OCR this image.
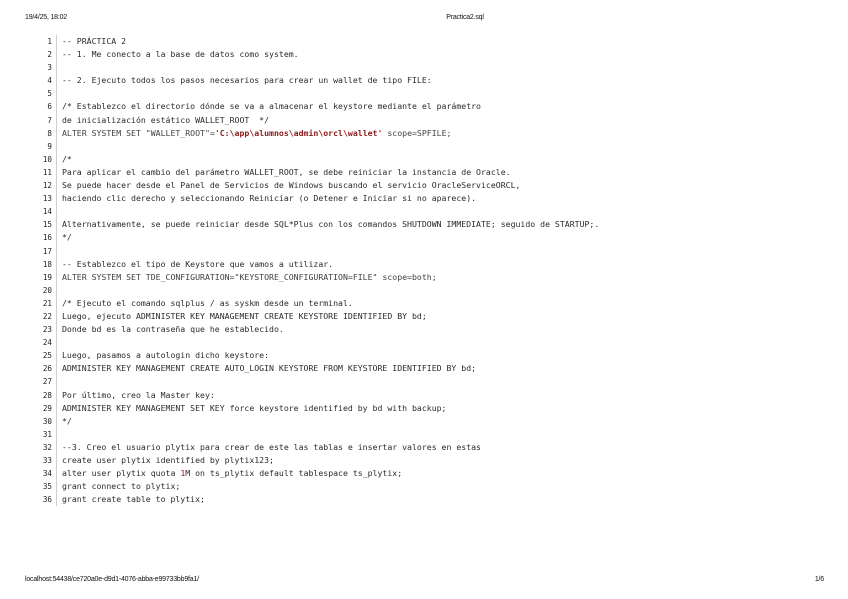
19/4/25, 18:02	Practica2.sql
1 -- PRÁCTICA 2
2 -- 1. Me conecto a la base de datos como system.
3
4 -- 2. Ejecuto todos los pasos necesarios para crear un wallet de tipo FILE:
5
6 /* Establezco el directorio dónde se va a almacenar el keystore mediante el parámetro
7 de inicialización estático WALLET_ROOT  */
8 ALTER SYSTEM SET "WALLET_ROOT"='C:\app\alumnos\admin\orcl\wallet' scope=SPFILE;
9
10 /*
11 Para aplicar el cambio del parámetro WALLET_ROOT, se debe reiniciar la instancia de Oracle.
12 Se puede hacer desde el Panel de Servicios de Windows buscando el servicio OracleServiceORCL,
13 haciendo clic derecho y seleccionando Reiniciar (o Detener e Iniciar si no aparece).
14
15 Alternativamente, se puede reiniciar desde SQL*Plus con los comandos SHUTDOWN IMMEDIATE; seguido de STARTUP;.
16 */
17
18 -- Establezco el tipo de Keystore que vamos a utilizar.
19 ALTER SYSTEM SET TDE_CONFIGURATION="KEYSTORE_CONFIGURATION=FILE" scope=both;
20
21 /* Ejecuto el comando sqlplus / as syskm desde un terminal.
22 Luego, ejecuto ADMINISTER KEY MANAGEMENT CREATE KEYSTORE IDENTIFIED BY bd;
23 Donde bd es la contraseña que he establecido.
24
25 Luego, pasamos a autologin dicho keystore:
26 ADMINISTER KEY MANAGEMENT CREATE AUTO_LOGIN KEYSTORE FROM KEYSTORE IDENTIFIED BY bd;
27
28 Por último, creo la Master key:
29 ADMINISTER KEY MANAGEMENT SET KEY force keystore identified by bd with backup;
30 */
31
32 --3. Creo el usuario plytix para crear de este las tablas e insertar valores en estas
33 create user plytix identified by plytix123;
34 alter user plytix quota 1M on ts_plytix default tablespace ts_plytix;
35 grant connect to plytix;
36 grant create table to plytix;
localhost:54438/ce720a0e-d9d1-4076-abba-e99733bb9fa1/	1/6
